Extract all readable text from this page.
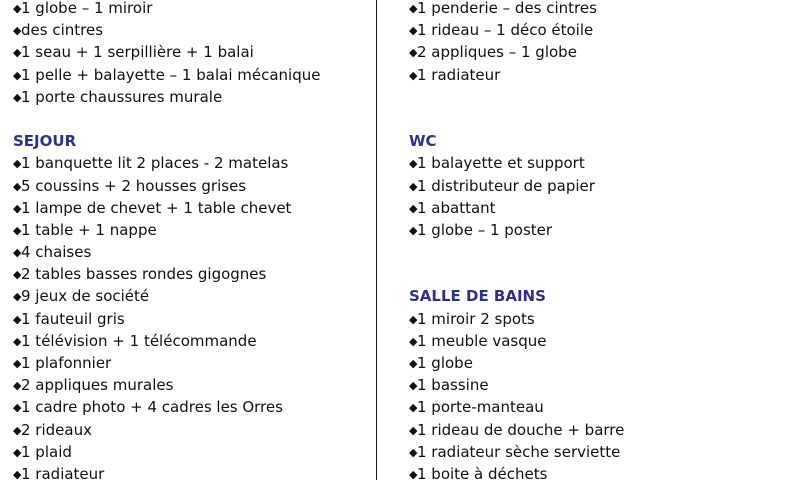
◆1 globe – 1 miroir
◆des cintres
◆1 seau + 1 serpillière + 1 balai
◆1 pelle + balayette – 1 balai mécanique
◆1 porte chaussures murale
SEJOUR
◆1 banquette lit 2 places - 2 matelas
◆5 coussins + 2 housses grises
◆1 lampe de chevet + 1 table chevet
◆1 table + 1 nappe
◆4 chaises
◆2 tables basses rondes gigognes
◆9 jeux de société
◆1 fauteuil gris
◆1 télévision + 1 télécommande
◆1 plafonnier
◆2 appliques murales
◆1 cadre photo + 4 cadres les Orres
◆2 rideaux
◆1 plaid
◆1 radiateur
◆1 penderie – des cintres
◆1 rideau – 1 déco étoile
◆2 appliques – 1 globe
◆1 radiateur
WC
◆1 balayette et support
◆1 distributeur de papier
◆1 abattant
◆1 globe – 1 poster
SALLE DE BAINS
◆1 miroir 2 spots
◆1 meuble vasque
◆1 globe
◆1 bassine
◆1 porte-manteau
◆1 rideau de douche + barre
◆1 radiateur sèche serviette
◆1 boite à déchets
